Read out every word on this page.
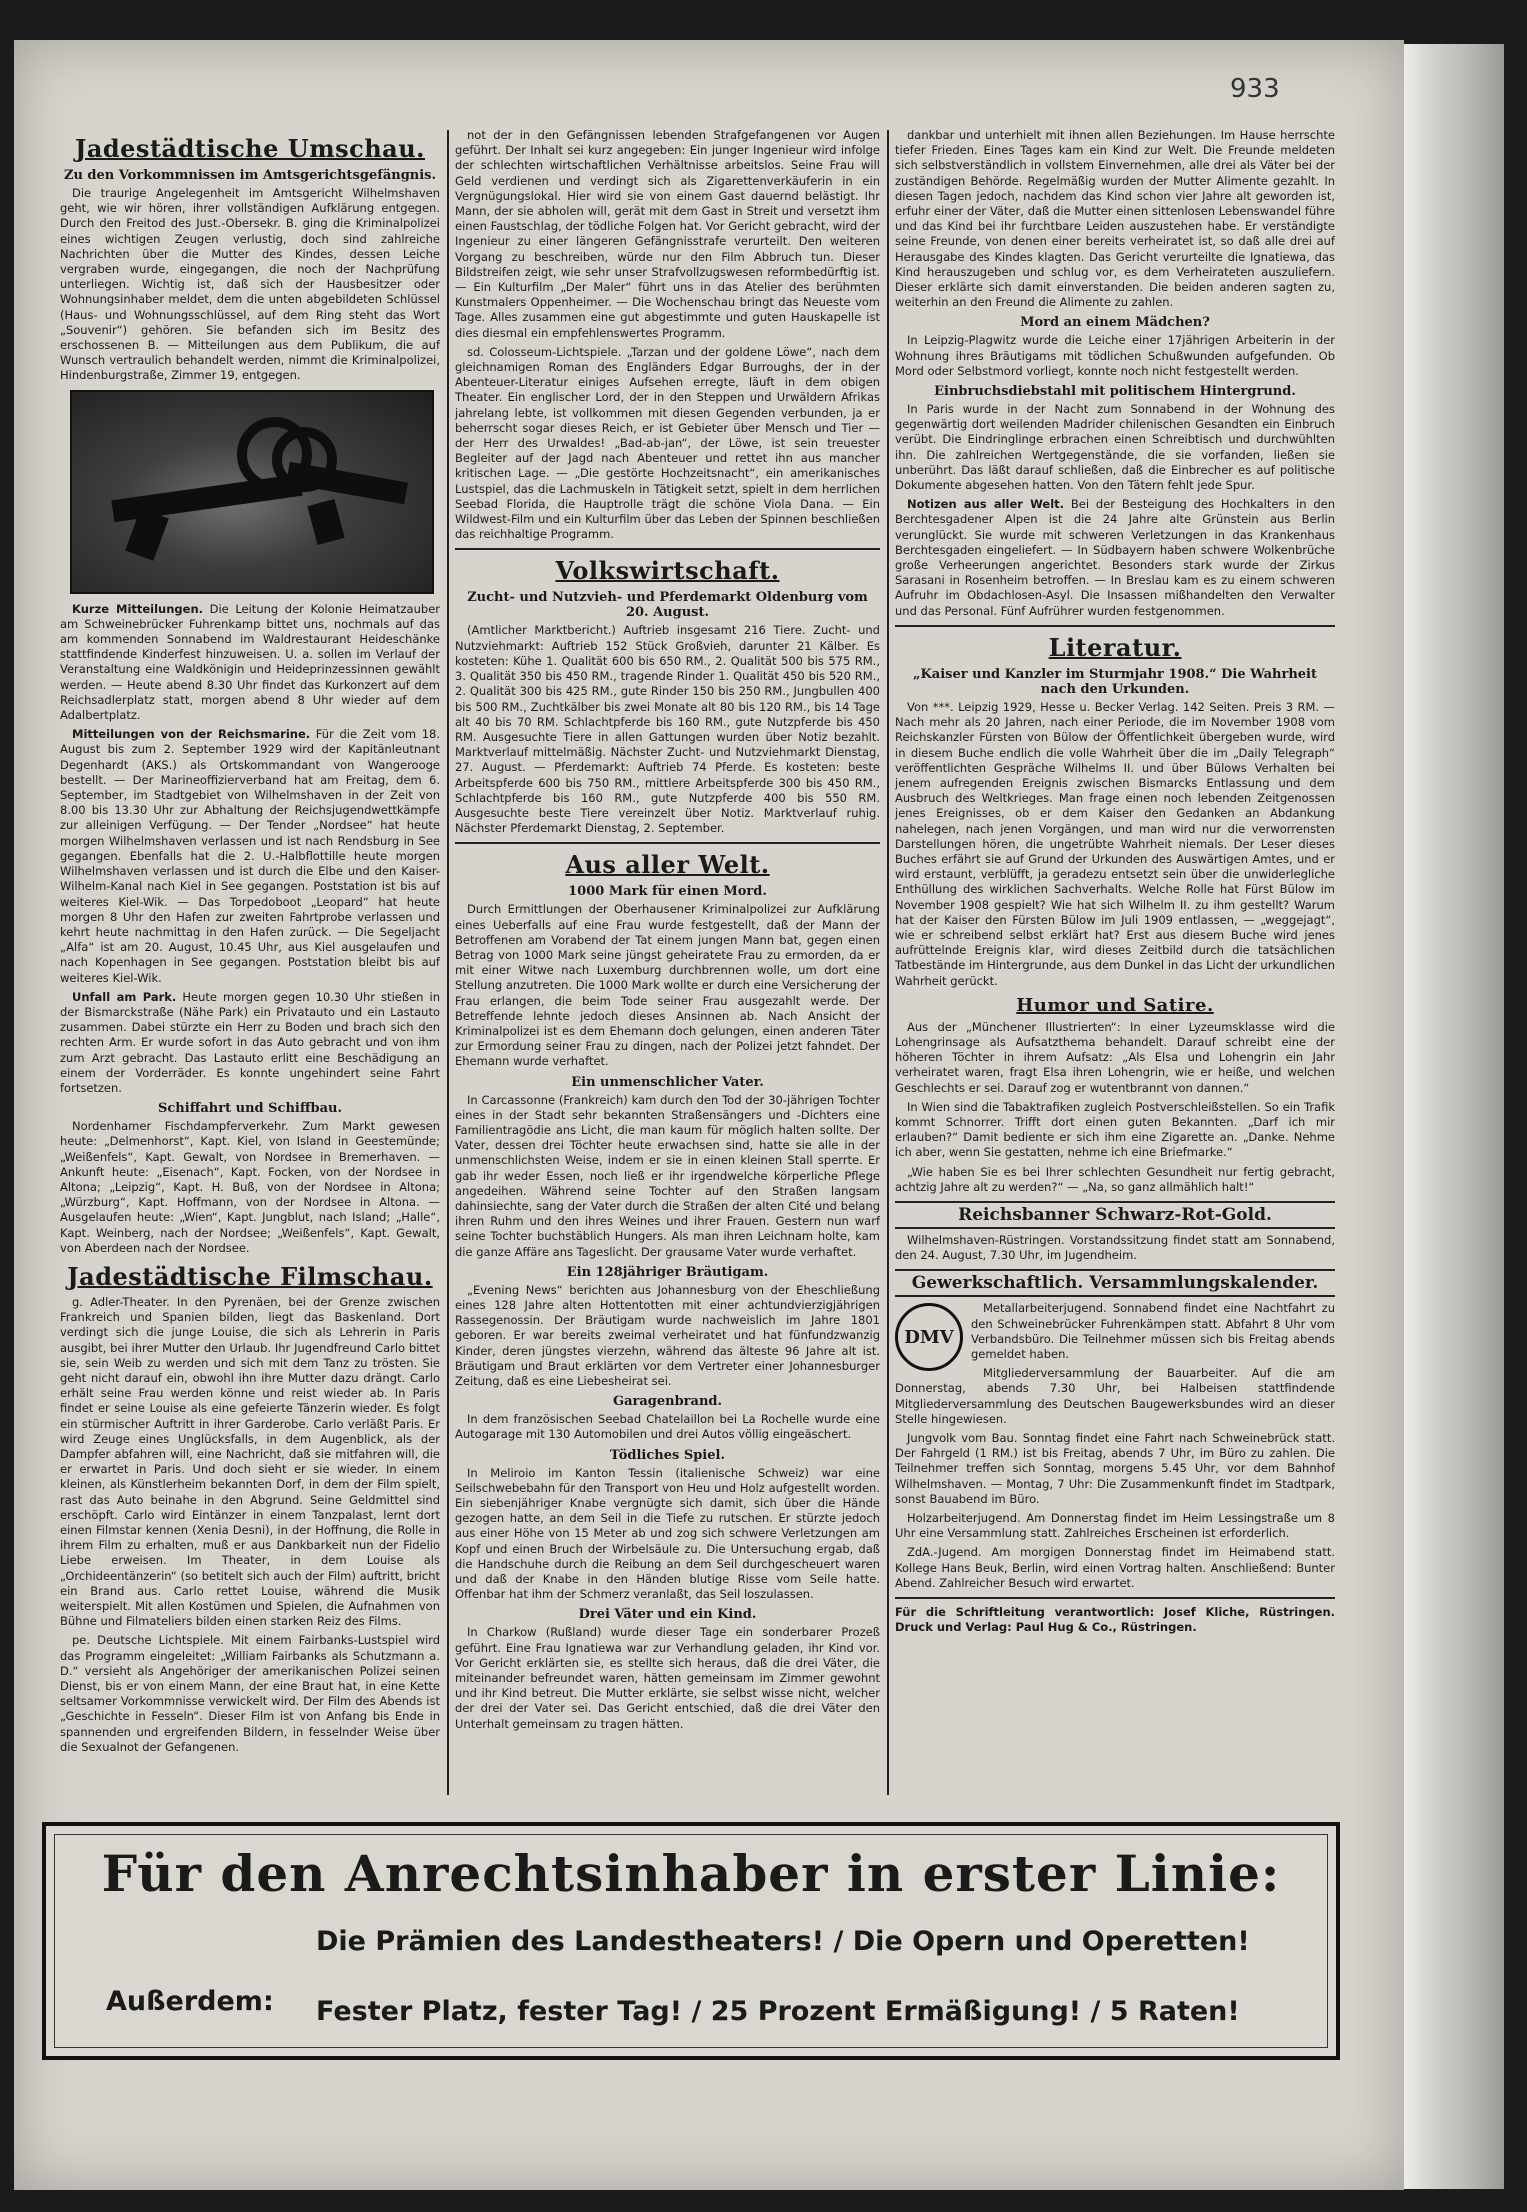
933
Jadestädtische Umschau.
Zu den Vorkommnissen im Amtsgerichtsgefängnis.

Die traurige Angelegenheit im Amtsgericht Wilhelmshaven geht, wie wir hören, ihrer vollständigen Aufklärung entgegen. Durch den Freitod des Just.-Obersekr. B. ging die Kriminalpolizei eines wichtigen Zeugen verlustig, doch sind zahlreiche Nachrichten über die Mutter des Kindes, dessen Leiche vergraben wurde, eingegangen, die noch der Nachprüfung unterliegen. Wichtig ist, daß sich der Hausbesitzer oder Wohnungsinhaber meldet, dem die unten abgebildeten Schlüssel (Haus- und Wohnungsschlüssel, auf dem Ring steht das Wort „Souvenir“) gehören. Sie befanden sich im Besitz des erschossenen B. — Mitteilungen aus dem Publikum, die auf Wunsch vertraulich behandelt werden, nimmt die Kriminalpolizei, Hindenburgstraße, Zimmer 19, entgegen.

Kurze Mitteilungen. Die Leitung der Kolonie Heimatzauber am Schweinebrücker Fuhrenkamp bittet uns, nochmals auf das am kommenden Sonnabend im Waldrestaurant Heideschänke stattfindende Kinderfest hinzuweisen. U. a. sollen im Verlauf der Veranstaltung eine Waldkönigin und Heideprinzessinnen gewählt werden. — Heute abend 8.30 Uhr findet das Kurkonzert auf dem Reichsadlerplatz statt, morgen abend 8 Uhr wieder auf dem Adalbertplatz.

Mitteilungen von der Reichsmarine. Für die Zeit vom 18. August bis zum 2. September 1929 wird der Kapitänleutnant Degenhardt (AKS.) als Ortskommandant von Wangerooge bestellt. — Der Marineoffizierverband hat am Freitag, dem 6. September, im Stadtgebiet von Wilhelmshaven in der Zeit von 8.00 bis 13.30 Uhr zur Abhaltung der Reichsjugendwettkämpfe zur alleinigen Verfügung. — Der Tender „Nordsee“ hat heute morgen Wilhelmshaven verlassen und ist nach Rendsburg in See gegangen. Ebenfalls hat die 2. U.-Halbflottille heute morgen Wilhelmshaven verlassen und ist durch die Elbe und den Kaiser-Wilhelm-Kanal nach Kiel in See gegangen. Poststation ist bis auf weiteres Kiel-Wik. — Das Torpedoboot „Leopard“ hat heute morgen 8 Uhr den Hafen zur zweiten Fahrtprobe verlassen und kehrt heute nachmittag in den Hafen zurück. — Die Segeljacht „Alfa“ ist am 20. August, 10.45 Uhr, aus Kiel ausgelaufen und nach Kopenhagen in See gegangen. Poststation bleibt bis auf weiteres Kiel-Wik.

Unfall am Park. Heute morgen gegen 10.30 Uhr stießen in der Bismarckstraße (Nähe Park) ein Privatauto und ein Lastauto zusammen. Dabei stürzte ein Herr zu Boden und brach sich den rechten Arm. Er wurde sofort in das Auto gebracht und von ihm zum Arzt gebracht. Das Lastauto erlitt eine Beschädigung an einem der Vorderräder. Es konnte ungehindert seine Fahrt fortsetzen.

Schiffahrt und Schiffbau.

Nordenhamer Fischdampferverkehr. Zum Markt gewesen heute: „Delmenhorst“, Kapt. Kiel, von Island in Geestemünde; „Weißenfels“, Kapt. Gewalt, von Nordsee in Bremerhaven. — Ankunft heute: „Eisenach“, Kapt. Focken, von der Nordsee in Altona; „Leipzig“, Kapt. H. Buß, von der Nordsee in Altona; „Würzburg“, Kapt. Hoffmann, von der Nordsee in Altona. — Ausgelaufen heute: „Wien“, Kapt. Jungblut, nach Island; „Halle“, Kapt. Weinberg, nach der Nordsee; „Weißenfels“, Kapt. Gewalt, von Aberdeen nach der Nordsee.

Jadestädtische Filmschau.

g. Adler-Theater. In den Pyrenäen, bei der Grenze zwischen Frankreich und Spanien bilden, liegt das Baskenland. Dort verdingt sich die junge Louise, die sich als Lehrerin in Paris ausgibt, bei ihrer Mutter den Urlaub. Ihr Jugendfreund Carlo bittet sie, sein Weib zu werden und sich mit dem Tanz zu trösten. Sie geht nicht darauf ein, obwohl ihn ihre Mutter dazu drängt. Carlo erhält seine Frau werden könne und reist wieder ab. In Paris findet er seine Louise als eine gefeierte Tänzerin wieder. Es folgt ein stürmischer Auftritt in ihrer Garderobe. Carlo verläßt Paris. Er wird Zeuge eines Unglücksfalls, in dem Augenblick, als der Dampfer abfahren will, eine Nachricht, daß sie mitfahren will, die er erwartet in Paris. Und doch sieht er sie wieder. In einem kleinen, als Künstlerheim bekannten Dorf, in dem der Film spielt, rast das Auto beinahe in den Abgrund. Seine Geldmittel sind erschöpft. Carlo wird Eintänzer in einem Tanzpalast, lernt dort einen Filmstar kennen (Xenia Desni), in der Hoffnung, die Rolle in ihrem Film zu erhalten, muß er aus Dankbarkeit nun der Fidelio Liebe erweisen. Im Theater, in dem Louise als „Orchideentänzerin“ (so betitelt sich auch der Film) auftritt, bricht ein Brand aus. Carlo rettet Louise, während die Musik weiterspielt. Mit allen Kostümen und Spielen, die Aufnahmen von Bühne und Filmateliers bilden einen starken Reiz des Films.

pe. Deutsche Lichtspiele. Mit einem Fairbanks-Lustspiel wird das Programm eingeleitet: „William Fairbanks als Schutzmann a. D.“ versieht als Angehöriger der amerikanischen Polizei seinen Dienst, bis er von einem Mann, der eine Braut hat, in eine Kette seltsamer Vorkommnisse verwickelt wird. Der Film des Abends ist „Geschichte in Fesseln“. Dieser Film ist von Anfang bis Ende in spannenden und ergreifenden Bildern, in fesselnder Weise über die Sexualnot der Gefangenen.

not der in den Gefängnissen lebenden Strafgefangenen vor Augen geführt. Der Inhalt sei kurz angegeben: Ein junger Ingenieur wird infolge der schlechten wirtschaftlichen Verhältnisse arbeitslos. Seine Frau will Geld verdienen und verdingt sich als Zigarettenverkäuferin in ein Vergnügungslokal. Hier wird sie von einem Gast dauernd belästigt. Ihr Mann, der sie abholen will, gerät mit dem Gast in Streit und versetzt ihm einen Faustschlag, der tödliche Folgen hat. Vor Gericht gebracht, wird der Ingenieur zu einer längeren Gefängnisstrafe verurteilt. Den weiteren Vorgang zu beschreiben, würde nur den Film Abbruch tun. Dieser Bildstreifen zeigt, wie sehr unser Strafvollzugswesen reformbedürftig ist. — Ein Kulturfilm „Der Maler“ führt uns in das Atelier des berühmten Kunstmalers Oppenheimer. — Die Wochenschau bringt das Neueste vom Tage. Alles zusammen eine gut abgestimmte und guten Hauskapelle ist dies diesmal ein empfehlenswertes Programm.

sd. Colosseum-Lichtspiele. „Tarzan und der goldene Löwe“, nach dem gleichnamigen Roman des Engländers Edgar Burroughs, der in der Abenteuer-Literatur einiges Aufsehen erregte, läuft in dem obigen Theater. Ein englischer Lord, der in den Steppen und Urwäldern Afrikas jahrelang lebte, ist vollkommen mit diesen Gegenden verbunden, ja er beherrscht sogar dieses Reich, er ist Gebieter über Mensch und Tier — der Herr des Urwaldes! „Bad-ab-jan“, der Löwe, ist sein treuester Begleiter auf der Jagd nach Abenteuer und rettet ihn aus mancher kritischen Lage. — „Die gestörte Hochzeitsnacht“, ein amerikanisches Lustspiel, das die Lachmuskeln in Tätigkeit setzt, spielt in dem herrlichen Seebad Florida, die Hauptrolle trägt die schöne Viola Dana. — Ein Wildwest-Film und ein Kulturfilm über das Leben der Spinnen beschließen das reichhaltige Programm.

Volkswirtschaft.
Zucht- und Nutzvieh- und Pferdemarkt Oldenburg vom 20. August.

(Amtlicher Marktbericht.) Auftrieb insgesamt 216 Tiere. Zucht- und Nutzviehmarkt: Auftrieb 152 Stück Großvieh, darunter 21 Kälber. Es kosteten: Kühe 1. Qualität 600 bis 650 RM., 2. Qualität 500 bis 575 RM., 3. Qualität 350 bis 450 RM., tragende Rinder 1. Qualität 450 bis 520 RM., 2. Qualität 300 bis 425 RM., gute Rinder 150 bis 250 RM., Jungbullen 400 bis 500 RM., Zuchtkälber bis zwei Monate alt 80 bis 120 RM., bis 14 Tage alt 40 bis 70 RM. Schlachtpferde bis 160 RM., gute Nutzpferde bis 450 RM. Ausgesuchte Tiere in allen Gattungen wurden über Notiz bezahlt. Marktverlauf mittelmäßig. Nächster Zucht- und Nutzviehmarkt Dienstag, 27. August. — Pferdemarkt: Auftrieb 74 Pferde. Es kosteten: beste Arbeitspferde 600 bis 750 RM., mittlere Arbeitspferde 300 bis 450 RM., Schlachtpferde bis 160 RM., gute Nutzpferde 400 bis 550 RM. Ausgesuchte beste Tiere vereinzelt über Notiz. Marktverlauf ruhig. Nächster Pferdemarkt Dienstag, 2. September.

Aus aller Welt.
1000 Mark für einen Mord.

Durch Ermittlungen der Oberhausener Kriminalpolizei zur Aufklärung eines Ueberfalls auf eine Frau wurde festgestellt, daß der Mann der Betroffenen am Vorabend der Tat einem jungen Mann bat, gegen einen Betrag von 1000 Mark seine jüngst geheiratete Frau zu ermorden, da er mit einer Witwe nach Luxemburg durchbrennen wolle, um dort eine Stellung anzutreten. Die 1000 Mark wollte er durch eine Versicherung der Frau erlangen, die beim Tode seiner Frau ausgezahlt werde. Der Betreffende lehnte jedoch dieses Ansinnen ab. Nach Ansicht der Kriminalpolizei ist es dem Ehemann doch gelungen, einen anderen Täter zur Ermordung seiner Frau zu dingen, nach der Polizei jetzt fahndet. Der Ehemann wurde verhaftet.

Ein unmenschlicher Vater.

In Carcassonne (Frankreich) kam durch den Tod der 30-jährigen Tochter eines in der Stadt sehr bekannten Straßensängers und -Dichters eine Familientragödie ans Licht, die man kaum für möglich halten sollte. Der Vater, dessen drei Töchter heute erwachsen sind, hatte sie alle in der unmenschlichsten Weise, indem er sie in einen kleinen Stall sperrte. Er gab ihr weder Essen, noch ließ er ihr irgendwelche körperliche Pflege angedeihen. Während seine Tochter auf den Straßen langsam dahinsiechte, sang der Vater durch die Straßen der alten Cité und belang ihren Ruhm und den ihres Weines und ihrer Frauen. Gestern nun warf seine Tochter buchstäblich Hungers. Als man ihren Leichnam holte, kam die ganze Affäre ans Tageslicht. Der grausame Vater wurde verhaftet.

Ein 128jähriger Bräutigam.

„Evening News“ berichten aus Johannesburg von der Eheschließung eines 128 Jahre alten Hottentotten mit einer achtundvierzigjährigen Rassegenossin. Der Bräutigam wurde nachweislich im Jahre 1801 geboren. Er war bereits zweimal verheiratet und hat fünfundzwanzig Kinder, deren jüngstes vierzehn, während das älteste 96 Jahre alt ist. Bräutigam und Braut erklärten vor dem Vertreter einer Johannesburger Zeitung, daß es eine Liebesheirat sei.

Garagenbrand.

In dem französischen Seebad Chatelaillon bei La Rochelle wurde eine Autogarage mit 130 Automobilen und drei Autos völlig eingeäschert.

Tödliches Spiel.

In Meliroio im Kanton Tessin (italienische Schweiz) war eine Seilschwebebahn für den Transport von Heu und Holz aufgestellt worden. Ein siebenjähriger Knabe vergnügte sich damit, sich über die Hände gezogen hatte, an dem Seil in die Tiefe zu rutschen. Er stürzte jedoch aus einer Höhe von 15 Meter ab und zog sich schwere Verletzungen am Kopf und einen Bruch der Wirbelsäule zu. Die Untersuchung ergab, daß die Handschuhe durch die Reibung an dem Seil durchgescheuert waren und daß der Knabe in den Händen blutige Risse vom Seile hatte. Offenbar hat ihm der Schmerz veranlaßt, das Seil loszulassen.

Drei Väter und ein Kind.

In Charkow (Rußland) wurde dieser Tage ein sonderbarer Prozeß geführt. Eine Frau Ignatiewa war zur Verhandlung geladen, ihr Kind vor. Vor Gericht erklärten sie, es stellte sich heraus, daß die drei Väter, die miteinander befreundet waren, hätten gemeinsam im Zimmer gewohnt und ihr Kind betreut. Die Mutter erklärte, sie selbst wisse nicht, welcher der drei der Vater sei. Das Gericht entschied, daß die drei Väter den Unterhalt gemeinsam zu tragen hätten.

dankbar und unterhielt mit ihnen allen Beziehungen. Im Hause herrschte tiefer Frieden. Eines Tages kam ein Kind zur Welt. Die Freunde meldeten sich selbstverständlich in vollstem Einvernehmen, alle drei als Väter bei der zuständigen Behörde. Regelmäßig wurden der Mutter Alimente gezahlt. In diesen Tagen jedoch, nachdem das Kind schon vier Jahre alt geworden ist, erfuhr einer der Väter, daß die Mutter einen sittenlosen Lebenswandel führe und das Kind bei ihr furchtbare Leiden auszustehen habe. Er verständigte seine Freunde, von denen einer bereits verheiratet ist, so daß alle drei auf Herausgabe des Kindes klagten. Das Gericht verurteilte die Ignatiewa, das Kind herauszugeben und schlug vor, es dem Verheirateten auszuliefern. Dieser erklärte sich damit einverstanden. Die beiden anderen sagten zu, weiterhin an den Freund die Alimente zu zahlen.

Mord an einem Mädchen?

In Leipzig-Plagwitz wurde die Leiche einer 17jährigen Arbeiterin in der Wohnung ihres Bräutigams mit tödlichen Schußwunden aufgefunden. Ob Mord oder Selbstmord vorliegt, konnte noch nicht festgestellt werden.

Einbruchsdiebstahl mit politischem Hintergrund.

In Paris wurde in der Nacht zum Sonnabend in der Wohnung des gegenwärtig dort weilenden Madrider chilenischen Gesandten ein Einbruch verübt. Die Eindringlinge erbrachen einen Schreibtisch und durchwühlten ihn. Die zahlreichen Wertgegenstände, die sie vorfanden, ließen sie unberührt. Das läßt darauf schließen, daß die Einbrecher es auf politische Dokumente abgesehen hatten. Von den Tätern fehlt jede Spur.

Notizen aus aller Welt. Bei der Besteigung des Hochkalters in den Berchtesgadener Alpen ist die 24 Jahre alte Grünstein aus Berlin verunglückt. Sie wurde mit schweren Verletzungen in das Krankenhaus Berchtesgaden eingeliefert. — In Südbayern haben schwere Wolkenbrüche große Verheerungen angerichtet. Besonders stark wurde der Zirkus Sarasani in Rosenheim betroffen. — In Breslau kam es zu einem schweren Aufruhr im Obdachlosen-Asyl. Die Insassen mißhandelten den Verwalter und das Personal. Fünf Aufrührer wurden festgenommen.

Literatur.
„Kaiser und Kanzler im Sturmjahr 1908.“ Die Wahrheit nach den Urkunden.

Von ***. Leipzig 1929, Hesse u. Becker Verlag. 142 Seiten. Preis 3 RM. — Nach mehr als 20 Jahren, nach einer Periode, die im November 1908 vom Reichskanzler Fürsten von Bülow der Öffentlichkeit übergeben wurde, wird in diesem Buche endlich die volle Wahrheit über die im „Daily Telegraph“ veröffentlichten Gespräche Wilhelms II. und über Bülows Verhalten bei jenem aufregenden Ereignis zwischen Bismarcks Entlassung und dem Ausbruch des Weltkrieges. Man frage einen noch lebenden Zeitgenossen jenes Ereignisses, ob er dem Kaiser den Gedanken an Abdankung nahelegen, nach jenen Vorgängen, und man wird nur die verworrensten Darstellungen hören, die ungetrübte Wahrheit niemals. Der Leser dieses Buches erfährt sie auf Grund der Urkunden des Auswärtigen Amtes, und er wird erstaunt, verblüfft, ja geradezu entsetzt sein über die unwiderlegliche Enthüllung des wirklichen Sachverhalts. Welche Rolle hat Fürst Bülow im November 1908 gespielt? Wie hat sich Wilhelm II. zu ihm gestellt? Warum hat der Kaiser den Fürsten Bülow im Juli 1909 entlassen, — „weggejagt“, wie er schreibend selbst erklärt hat? Erst aus diesem Buche wird jenes aufrüttelnde Ereignis klar, wird dieses Zeitbild durch die tatsächlichen Tatbestände im Hintergrunde, aus dem Dunkel in das Licht der urkundlichen Wahrheit gerückt.

Humor und Satire.

Aus der „Münchener Illustrierten“: In einer Lyzeumsklasse wird die Lohengrinsage als Aufsatzthema behandelt. Darauf schreibt eine der höheren Töchter in ihrem Aufsatz: „Als Elsa und Lohengrin ein Jahr verheiratet waren, fragt Elsa ihren Lohengrin, wie er heiße, und welchen Geschlechts er sei. Darauf zog er wutentbrannt von dannen.“

In Wien sind die Tabaktrafiken zugleich Postverschleißstellen. So ein Trafik kommt Schnorrer. Trifft dort einen guten Bekannten. „Darf ich mir erlauben?“ Damit bediente er sich ihm eine Zigarette an. „Danke. Nehme ich aber, wenn Sie gestatten, nehme ich eine Briefmarke.“

„Wie haben Sie es bei Ihrer schlechten Gesundheit nur fertig gebracht, achtzig Jahre alt zu werden?“ — „Na, so ganz allmählich halt!“

Reichsbanner Schwarz-Rot-Gold.

Wilhelmshaven-Rüstringen. Vorstandssitzung findet statt am Sonnabend, den 24. August, 7.30 Uhr, im Jugendheim.

Gewerkschaftlich. Versammlungskalender.
DMV

Metallarbeiterjugend. Sonnabend findet eine Nachtfahrt zu den Schweinebrücker Fuhrenkämpen statt. Abfahrt 8 Uhr vom Verbandsbüro. Die Teilnehmer müssen sich bis Freitag abends gemeldet haben.

Mitgliederversammlung der Bauarbeiter. Auf die am Donnerstag, abends 7.30 Uhr, bei Halbeisen stattfindende Mitgliederversammlung des Deutschen Baugewerksbundes wird an dieser Stelle hingewiesen.

Jungvolk vom Bau. Sonntag findet eine Fahrt nach Schweinebrück statt. Der Fahrgeld (1 RM.) ist bis Freitag, abends 7 Uhr, im Büro zu zahlen. Die Teilnehmer treffen sich Sonntag, morgens 5.45 Uhr, vor dem Bahnhof Wilhelmshaven. — Montag, 7 Uhr: Die Zusammenkunft findet im Stadtpark, sonst Bauabend im Büro.

Holzarbeiterjugend. Am Donnerstag findet im Heim Lessingstraße um 8 Uhr eine Versammlung statt. Zahlreiches Erscheinen ist erforderlich.

ZdA.-Jugend. Am morgigen Donnerstag findet im Heimabend statt. Kollege Hans Beuk, Berlin, wird einen Vortrag halten. Anschließend: Bunter Abend. Zahlreicher Besuch wird erwartet.

Für die Schriftleitung verantwortlich: Josef Kliche, Rüstringen. Druck und Verlag: Paul Hug & Co., Rüstringen.

Für den Anrechtsinhaber in erster Linie:
Die Prämien des Landestheaters! / Die Opern und Operetten!
Außerdem: Fester Platz, fester Tag! / 25 Prozent Ermäßigung! / 5 Raten!
